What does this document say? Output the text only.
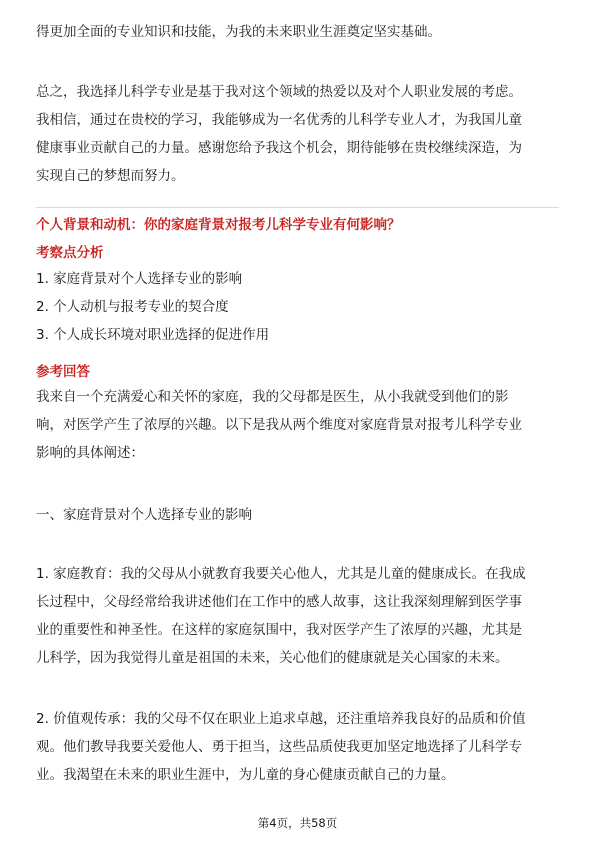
得更加全面的专业知识和技能，为我的未来职业生涯奠定坚实基础。
总之，我选择儿科学专业是基于我对这个领域的热爱以及对个人职业发展的考虑。
我相信，通过在贵校的学习，我能够成为一名优秀的儿科学专业人才，为我国儿童
健康事业贡献自己的力量。感谢您给予我这个机会，期待能够在贵校继续深造，为
实现自己的梦想而努力。
个人背景和动机：你的家庭背景对报考儿科学专业有何影响？
考察点分析
1. 家庭背景对个人选择专业的影响
2. 个人动机与报考专业的契合度
3. 个人成长环境对职业选择的促进作用
参考回答
我来自一个充满爱心和关怀的家庭，我的父母都是医生，从小我就受到他们的影
响，对医学产生了浓厚的兴趣。以下是我从两个维度对家庭背景对报考儿科学专业
影响的具体阐述：
一、家庭背景对个人选择专业的影响
1. 家庭教育：我的父母从小就教育我要关心他人，尤其是儿童的健康成长。在我成
长过程中，父母经常给我讲述他们在工作中的感人故事，这让我深刻理解到医学事
业的重要性和神圣性。在这样的家庭氛围中，我对医学产生了浓厚的兴趣，尤其是
儿科学，因为我觉得儿童是祖国的未来，关心他们的健康就是关心国家的未来。
2. 价值观传承：我的父母不仅在职业上追求卓越，还注重培养我良好的品质和价值
观。他们教导我要关爱他人、勇于担当，这些品质使我更加坚定地选择了儿科学专
业。我渴望在未来的职业生涯中，为儿童的身心健康贡献自己的力量。
第4页，共58页
